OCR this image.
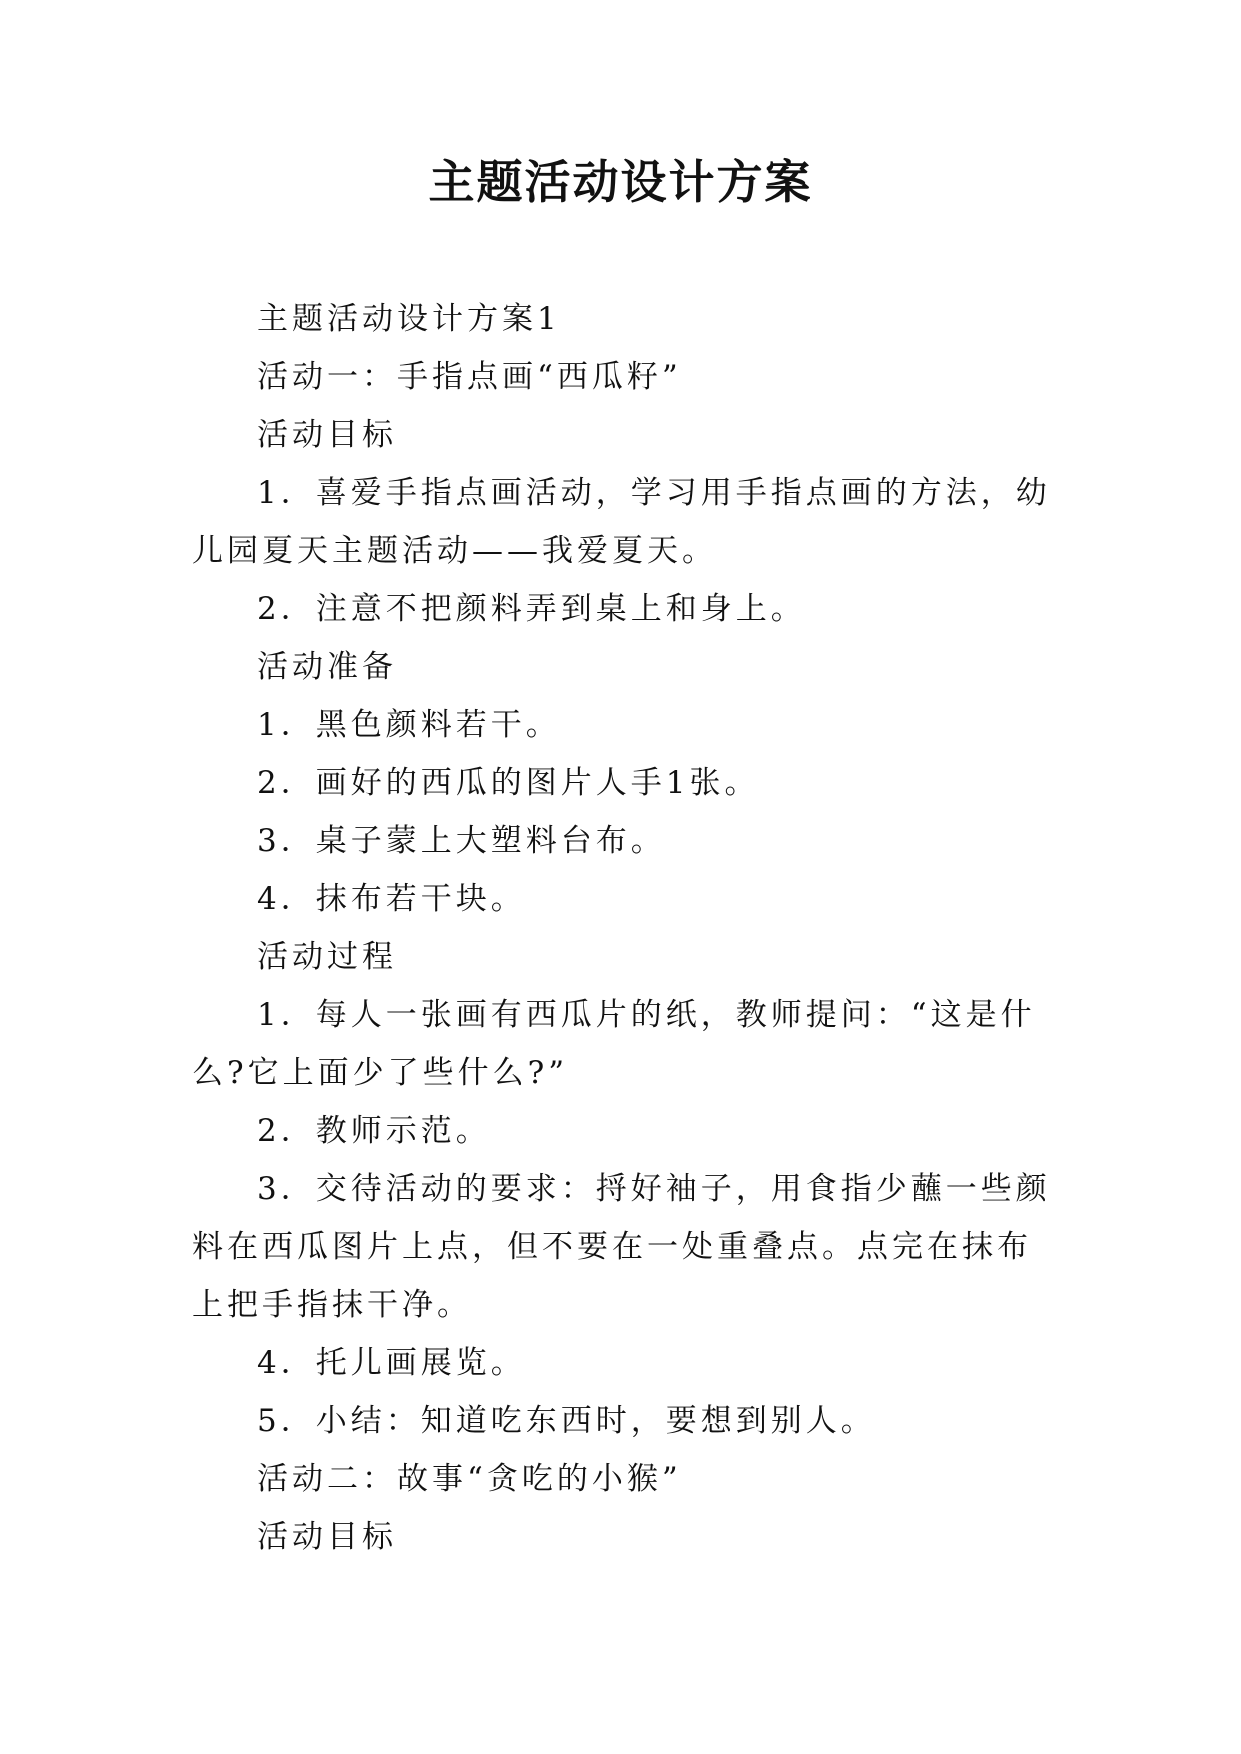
主题活动设计方案

主题活动设计方案1

活动一：手指点画“西瓜籽”

活动目标

1．喜爱手指点画活动，学习用手指点画的方法，幼儿园夏天主题活动——我爱夏天。

2．注意不把颜料弄到桌上和身上。

活动准备

1．黑色颜料若干。

2．画好的西瓜的图片人手1张。

3．桌子蒙上大塑料台布。

4．抹布若干块。

活动过程

1．每人一张画有西瓜片的纸，教师提问：“这是什么?它上面少了些什么?”

2．教师示范。

3．交待活动的要求：捋好袖子，用食指少蘸一些颜料在西瓜图片上点，但不要在一处重叠点。点完在抹布上把手指抹干净。

4．托儿画展览。

5．小结：知道吃东西时，要想到别人。

活动二：故事“贪吃的小猴”

活动目标
